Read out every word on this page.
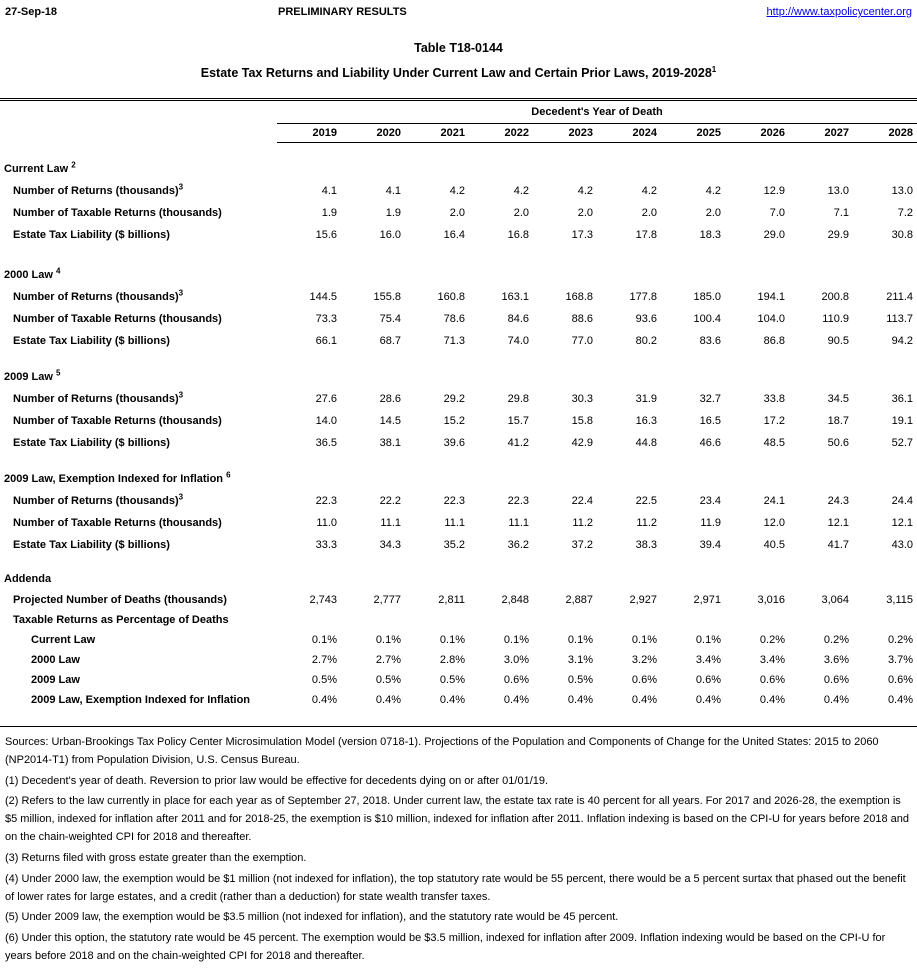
27-Sep-18	PRELIMINARY RESULTS	http://www.taxpolicycenter.org
Table T18-0144
Estate Tax Returns and Liability Under Current Law and Certain Prior Laws, 2019-2028$^1$
	Decedent's Year of Death									
	2019	2020	2021	2022	2023	2024	2025	2026	2027	2028

Current Law $^2$
Number of Returns (thousands)$^3$	4.1	4.1	4.2	4.2	4.2	4.2	4.2	12.9	13.0	13.0
Number of Taxable Returns (thousands)	1.9	1.9	2.0	2.0	2.0	2.0	2.0	7.0	7.1	7.2
Estate Tax Liability ($ billions)	15.6	16.0	16.4	16.8	17.3	17.8	18.3	29.0	29.9	30.8

2000 Law $^4$
Number of Returns (thousands)$^3$	144.5	155.8	160.8	163.1	168.8	177.8	185.0	194.1	200.8	211.4
Number of Taxable Returns (thousands)	73.3	75.4	78.6	84.6	88.6	93.6	100.4	104.0	110.9	113.7
Estate Tax Liability ($ billions)	66.1	68.7	71.3	74.0	77.0	80.2	83.6	86.8	90.5	94.2

2009 Law $^5$
Number of Returns (thousands)$^3$	27.6	28.6	29.2	29.8	30.3	31.9	32.7	33.8	34.5	36.1
Number of Taxable Returns (thousands)	14.0	14.5	15.2	15.7	15.8	16.3	16.5	17.2	18.7	19.1
Estate Tax Liability ($ billions)	36.5	38.1	39.6	41.2	42.9	44.8	46.6	48.5	50.6	52.7

2009 Law, Exemption Indexed for Inflation $^6$
Number of Returns (thousands)$^3$	22.3	22.2	22.3	22.3	22.4	22.5	23.4	24.1	24.3	24.4
Number of Taxable Returns (thousands)	11.0	11.1	11.1	11.1	11.2	11.2	11.9	12.0	12.1	12.1
Estate Tax Liability ($ billions)	33.3	34.3	35.2	36.2	37.2	38.3	39.4	40.5	41.7	43.0

Addenda										
Projected Number of Deaths (thousands)	2,743	2,777	2,811	2,848	2,887	2,927	2,971	3,016	3,064	3,115
Taxable Returns as Percentage of Deaths										
Current Law	0.1%	0.1%	0.1%	0.1%	0.1%	0.1%	0.1%	0.2%	0.2%	0.2%
2000 Law	2.7%	2.7%	2.8%	3.0%	3.1%	3.2%	3.4%	3.4%	3.6%	3.7%
2009 Law	0.5%	0.5%	0.5%	0.6%	0.5%	0.6%	0.6%	0.6%	0.6%	0.6%
2009 Law, Exemption Indexed for Inflation	0.4%	0.4%	0.4%	0.4%	0.4%	0.4%	0.4%	0.4%	0.4%	0.4%

Sources: Urban-Brookings Tax Policy Center Microsimulation Model (version 0718-1). Projections of the Population and Components of Change for the United States: 2015 to 2060 (NP2014-T1) from Population Division, U.S. Census Bureau.

(1) Decedent's year of death. Reversion to prior law would be effective for decedents dying on or after 01/01/19.

(2) Refers to the law currently in place for each year as of September 27, 2018. Under current law, the estate tax rate is 40 percent for all years. For 2017 and 2026-28, the exemption is $5 million, indexed for inflation after 2011 and for 2018-25, the exemption is $10 million, indexed for inflation after 2011. Inflation indexing is based on the CPI-U for years before 2018 and on the chain-weighted CPI for 2018 and thereafter.

(3) Returns filed with gross estate greater than the exemption.

(4) Under 2000 law, the exemption would be $1 million (not indexed for inflation), the top statutory rate would be 55 percent, there would be a 5 percent surtax that phased out the benefit of lower rates for large estates, and a credit (rather than a deduction) for state wealth transfer taxes.

(5) Under 2009 law, the exemption would be $3.5 million (not indexed for inflation), and the statutory rate would be 45 percent.

(6) Under this option, the statutory rate would be 45 percent. The exemption would be $3.5 million, indexed for inflation after 2009. Inflation indexing would be based on the CPI-U for years before 2018 and on the chain-weighted CPI for 2018 and thereafter.
